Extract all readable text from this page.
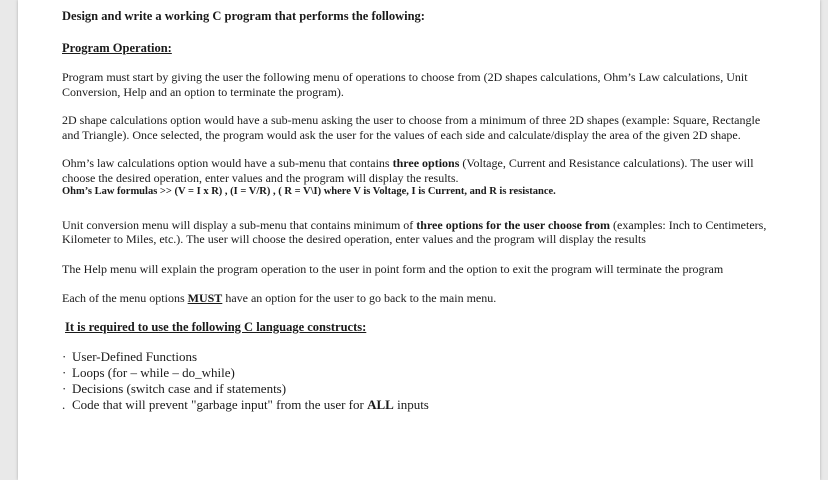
Design and write a working C program that performs the following:

Program Operation:

Program must start by giving the user the following menu of operations to choose from (2D shapes calculations, Ohm’s Law calculations, Unit Conversion, Help and an option to terminate the program).

2D shape calculations option would have a sub-menu asking the user to choose from a minimum of three 2D shapes (example: Square, Rectangle and Triangle). Once selected, the program would ask the user for the values of each side and calculate/display the area of the given 2D shape.

Ohm’s law calculations option would have a sub-menu that contains three options (Voltage, Current and Resistance calculations). The user will choose the desired operation, enter values and the program will display the results.

Ohm’s Law formulas >> (V = I x R) , (I = V/R) , ( R = V\I) where V is Voltage, I is Current, and R is resistance.

Unit conversion menu will display a sub-menu that contains minimum of three options for the user choose from (examples: Inch to Centimeters, Kilometer to Miles, etc.). The user will choose the desired operation, enter values and the program will display the results

The Help menu will explain the program operation to the user in point form and the option to exit the program will terminate the program

Each of the menu options MUST have an option for the user to go back to the main menu.

It is required to use the following C language constructs:

· User-Defined Functions
· Loops (for – while – do_while)
· Decisions (switch case and if statements)
. Code that will prevent "garbage input" from the user for ALL inputs
